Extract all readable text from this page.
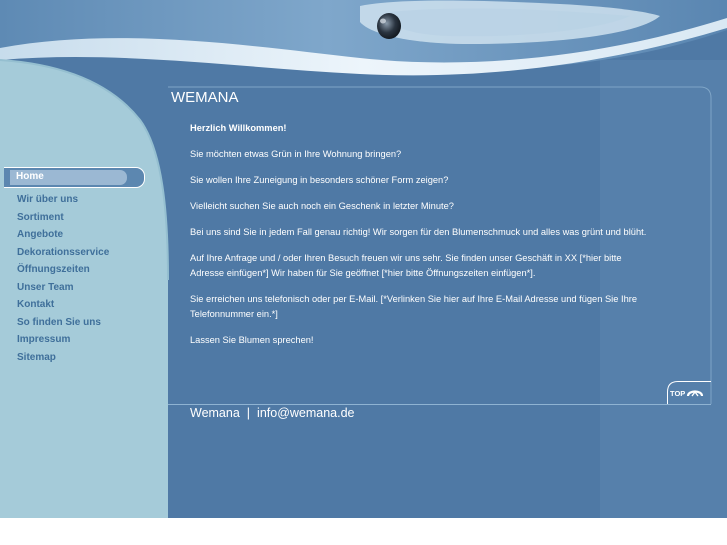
Home
Wir über uns
Sortiment
Angebote
Dekorationsservice
Öffnungszeiten
Unser Team
Kontakt
So finden Sie uns
Impressum
Sitemap
WEMANA

Herzlich Willkommen!

Sie möchten etwas Grün in Ihre Wohnung bringen?

Sie wollen Ihre Zuneigung in besonders schöner Form zeigen?

Vielleicht suchen Sie auch noch ein Geschenk in letzter Minute?

Bei uns sind Sie in jedem Fall genau richtig! Wir sorgen für den Blumenschmuck und alles was grünt und blüht.

Auf Ihre Anfrage und / oder Ihren Besuch freuen wir uns sehr. Sie finden unser Geschäft in XX [*hier bitte Adresse einfügen*] Wir haben für Sie geöffnet [*hier bitte Öffnungszeiten einfügen*].

Sie erreichen uns telefonisch oder per E-Mail. [*Verlinken Sie hier auf Ihre E-Mail Adresse und fügen Sie Ihre Telefonnummer ein.*]

Lassen Sie Blumen sprechen!

TOP
Wemana | info@wemana.de
